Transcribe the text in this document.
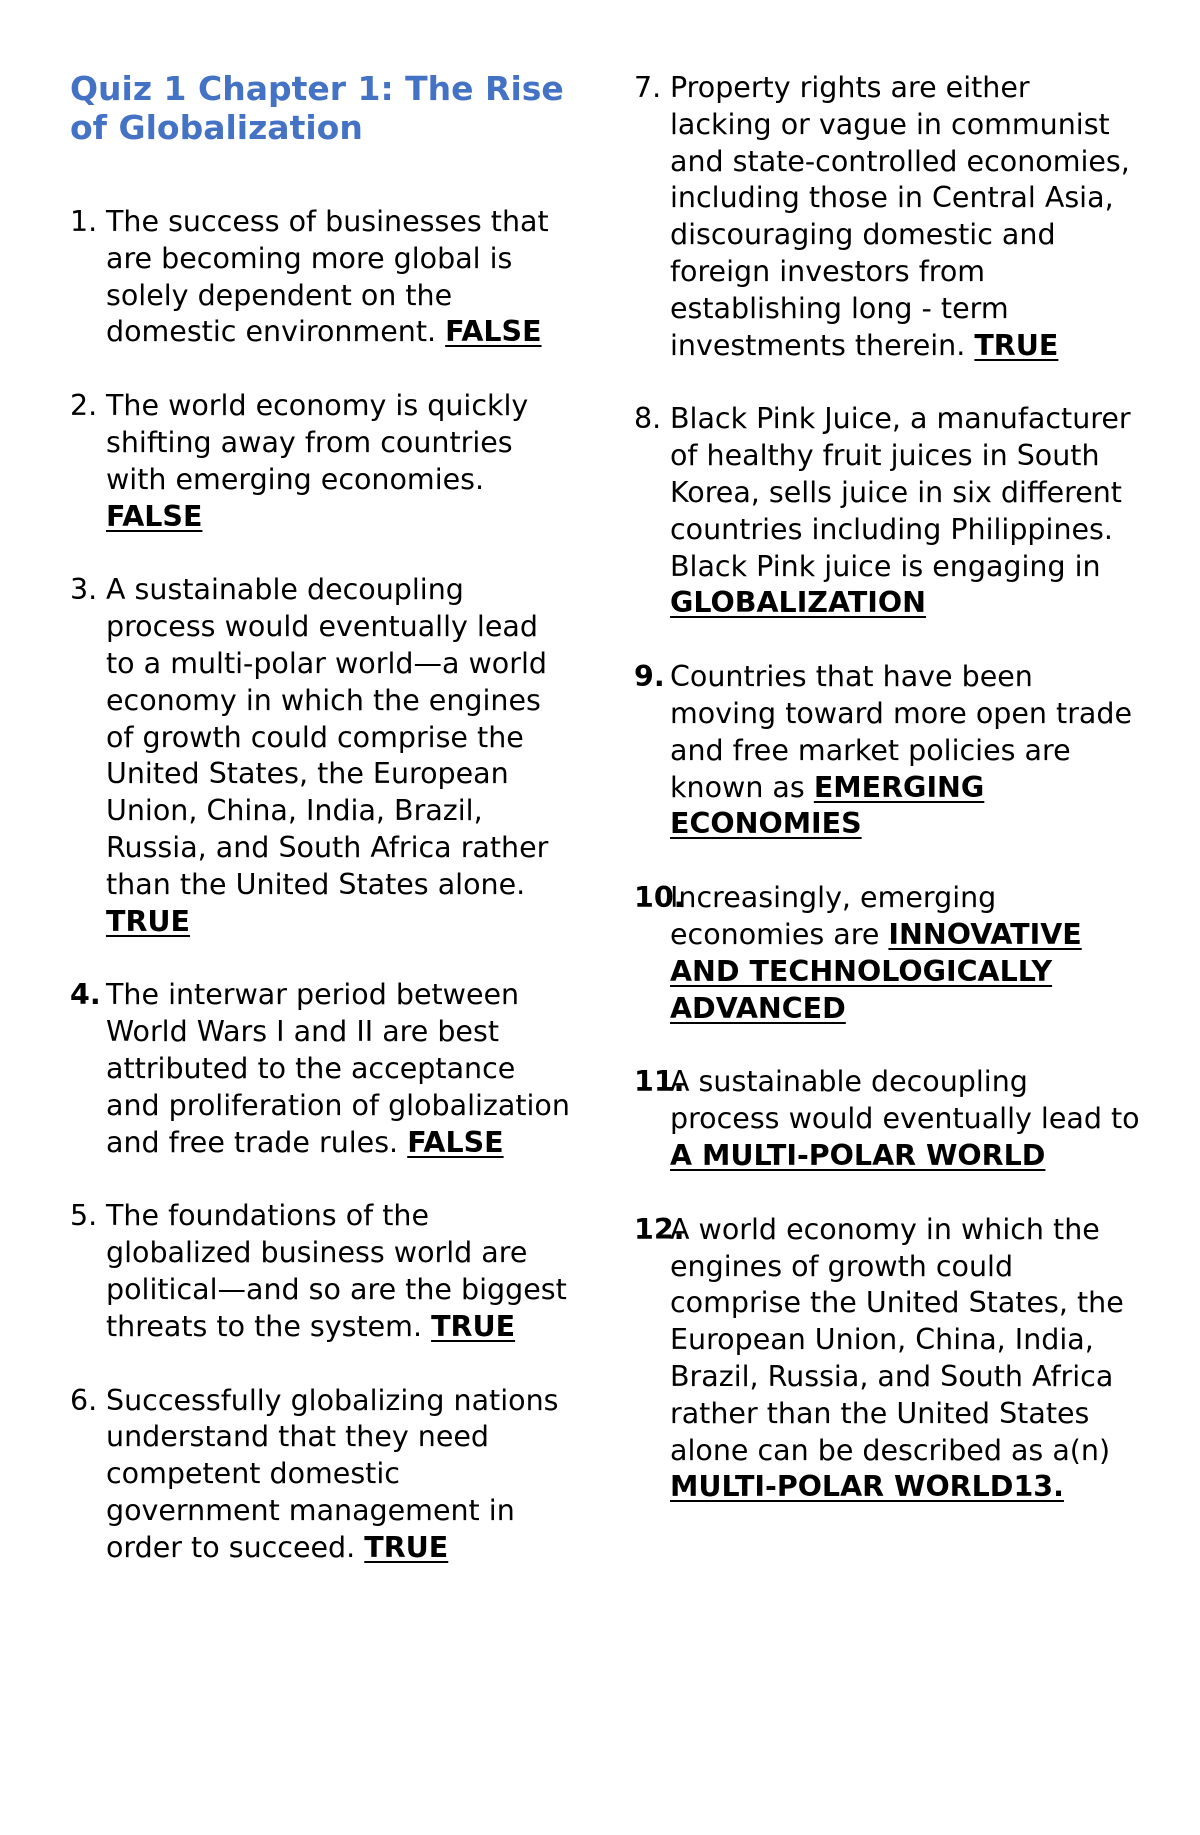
Quiz 1 Chapter 1: The Rise of Globalization
1. The success of businesses that are becoming more global is solely dependent on the domestic environment. FALSE
2. The world economy is quickly shifting away from countries with emerging economies. FALSE
3. A sustainable decoupling process would eventually lead to a multi-polar world—a world economy in which the engines of growth could comprise the United States, the European Union, China, India, Brazil, Russia, and South Africa rather than the United States alone. TRUE
4. The interwar period between World Wars I and II are best attributed to the acceptance and proliferation of globalization and free trade rules. FALSE
5. The foundations of the globalized business world are political—and so are the biggest threats to the system. TRUE
6. Successfully globalizing nations understand that they need competent domestic government management in order to succeed. TRUE
7. Property rights are either lacking or vague in communist and state-controlled economies, including those in Central Asia, discouraging domestic and foreign investors from establishing long - term investments therein. TRUE
8. Black Pink Juice, a manufacturer of healthy fruit juices in South Korea, sells juice in six different countries including Philippines. Black Pink juice is engaging in GLOBALIZATION
9. Countries that have been moving toward more open trade and free market policies are known as EMERGING ECONOMIES
10.
Increasingly, emerging economies are INNOVATIVE AND TECHNOLOGICALLY ADVANCED
11.
A sustainable decoupling process would eventually lead to A MULTI-POLAR WORLD
12.
A world economy in which the engines of growth could comprise the United States, the European Union, China, India, Brazil, Russia, and South Africa rather than the United States alone can be described as a(n) MULTI-POLAR WORLD13.
